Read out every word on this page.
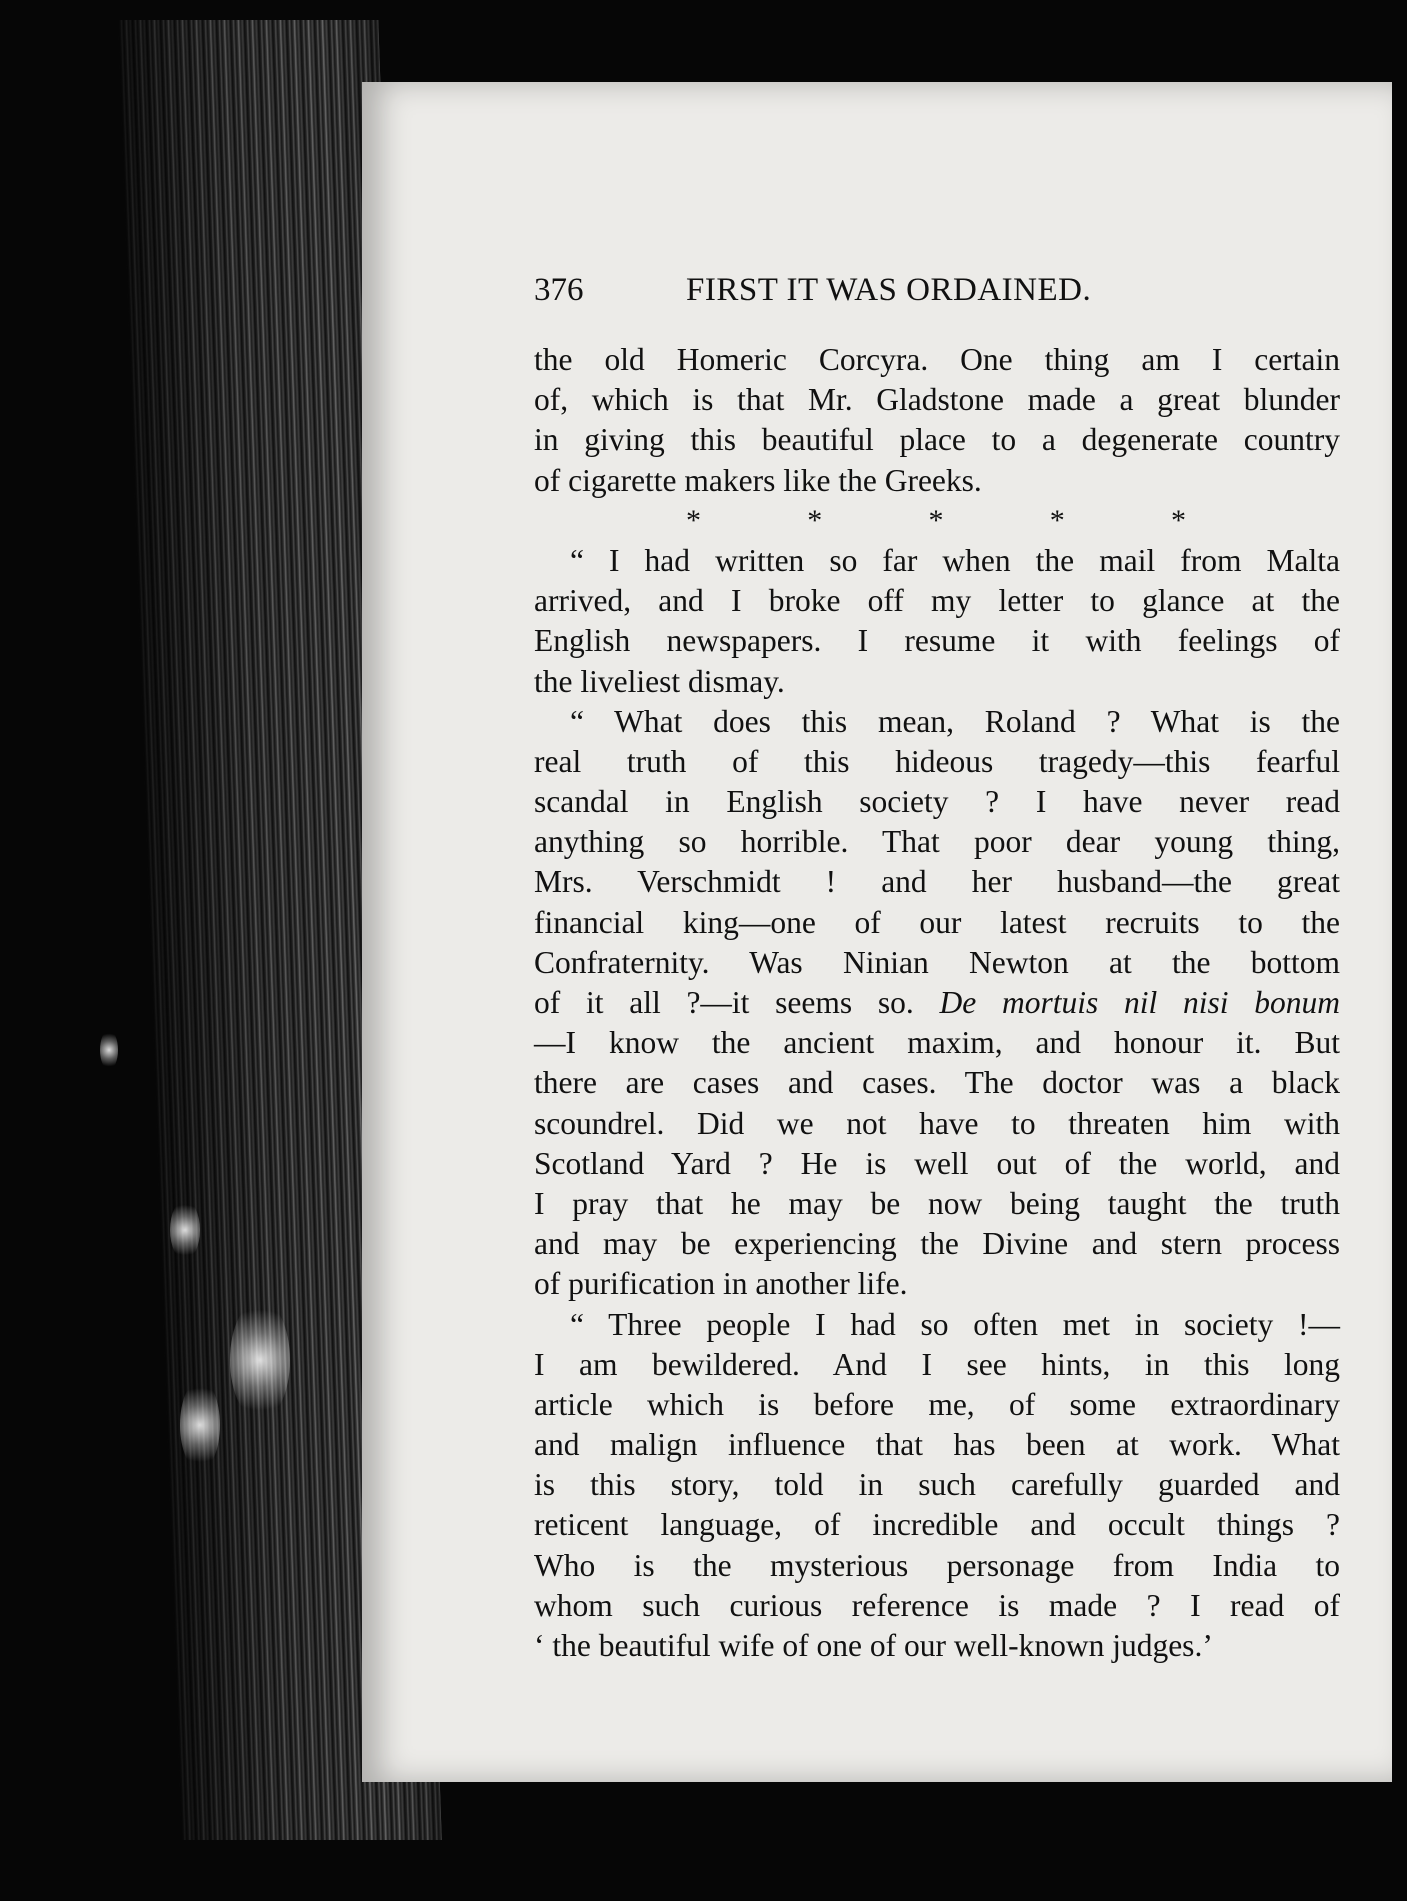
376	FIRST IT WAS ORDAINED.
the old Homeric Corcyra. One thing am I certain
of, which is that Mr. Gladstone made a great blunder
in giving this beautiful place to a degenerate country
of cigarette makers like the Greeks.
*	*	*	*	*
“ I had written so far when the mail from Malta
arrived, and I broke off my letter to glance at the
English newspapers. I resume it with feelings of
the liveliest dismay.
“ What does this mean, Roland ? What is the
real truth of this hideous tragedy—this fearful
scandal in English society ? I have never read
anything so horrible. That poor dear young thing,
Mrs. Verschmidt ! and her husband—the great
financial king—one of our latest recruits to the
Confraternity. Was Ninian Newton at the bottom
of it all ?—it seems so. De mortuis nil nisi bonum
—I know the ancient maxim, and honour it. But
there are cases and cases. The doctor was a black
scoundrel. Did we not have to threaten him with
Scotland Yard ? He is well out of the world, and
I pray that he may be now being taught the truth
and may be experiencing the Divine and stern process
of purification in another life.
“ Three people I had so often met in society !—
I am bewildered. And I see hints, in this long
article which is before me, of some extraordinary
and malign influence that has been at work. What
is this story, told in such carefully guarded and
reticent language, of incredible and occult things ?
Who is the mysterious personage from India to
whom such curious reference is made ? I read of
‘ the beautiful wife of one of our well-known judges.’
